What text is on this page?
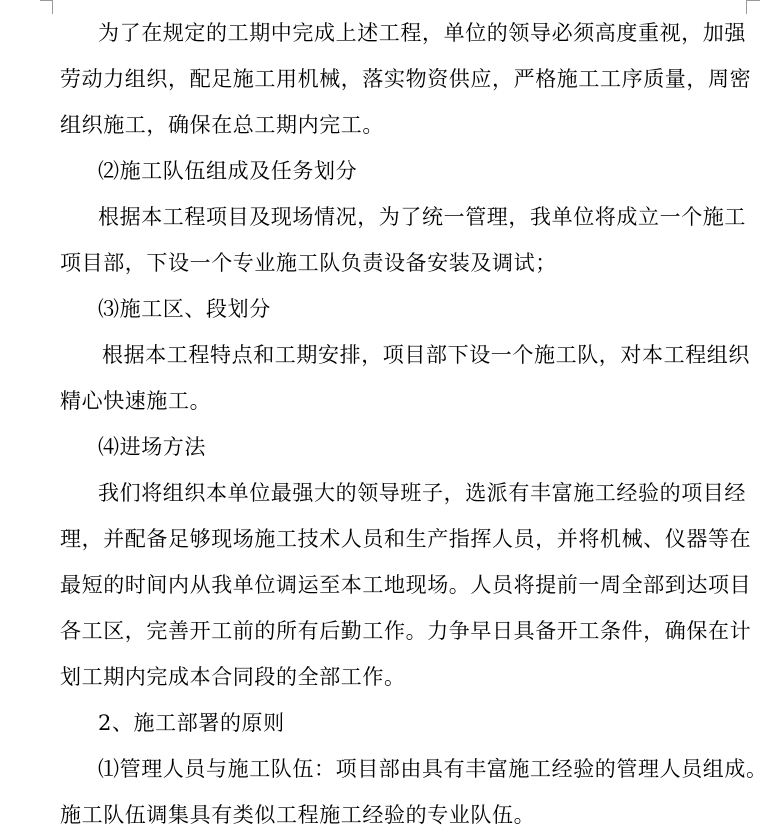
为了在规定的工期中完成上述工程，单位的领导必须高度重视，加强
劳动力组织，配足施工用机械，落实物资供应，严格施工工序质量，周密
组织施工，确保在总工期内完工。
⑵施工队伍组成及任务划分
根据本工程项目及现场情况，为了统一管理，我单位将成立一个施工
项目部，下设一个专业施工队负责设备安装及调试；
⑶施工区、段划分
根据本工程特点和工期安排，项目部下设一个施工队，对本工程组织
精心快速施工。
⑷进场方法
我们将组织本单位最强大的领导班子，选派有丰富施工经验的项目经
理，并配备足够现场施工技术人员和生产指挥人员，并将机械、仪器等在
最短的时间内从我单位调运至本工地现场。人员将提前一周全部到达项目
各工区，完善开工前的所有后勤工作。力争早日具备开工条件，确保在计
划工期内完成本合同段的全部工作。
2、施工部署的原则
⑴管理人员与施工队伍：项目部由具有丰富施工经验的管理人员组成。
施工队伍调集具有类似工程施工经验的专业队伍。
